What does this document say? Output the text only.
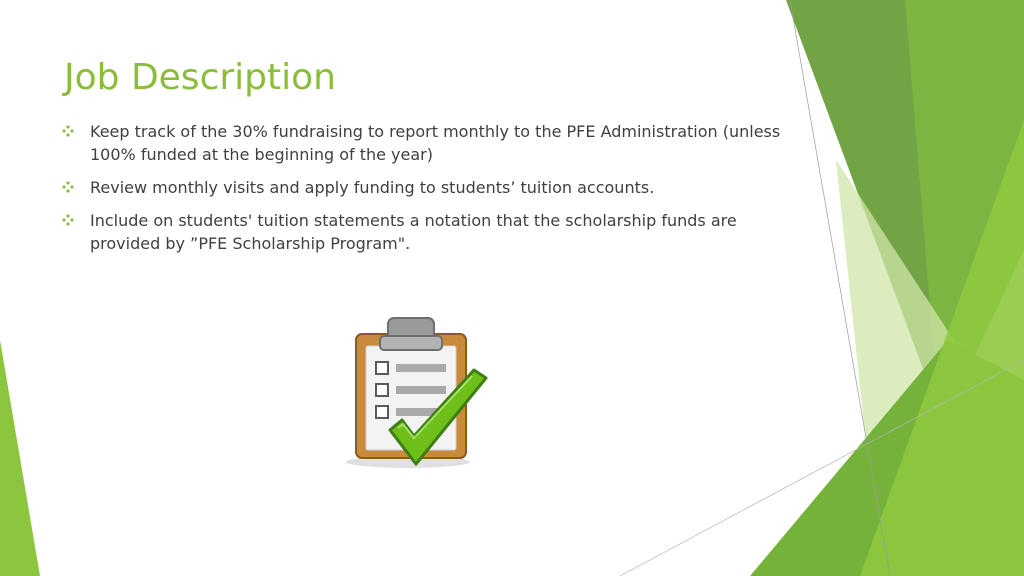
Job Description
Keep track of the 30% fundraising to report monthly to the PFE Administration (unless 100% funded at the beginning of the year)
Review monthly visits and apply funding to students’ tuition accounts.
Include on students' tuition statements a notation that the scholarship funds are provided by ”PFE Scholarship Program".
